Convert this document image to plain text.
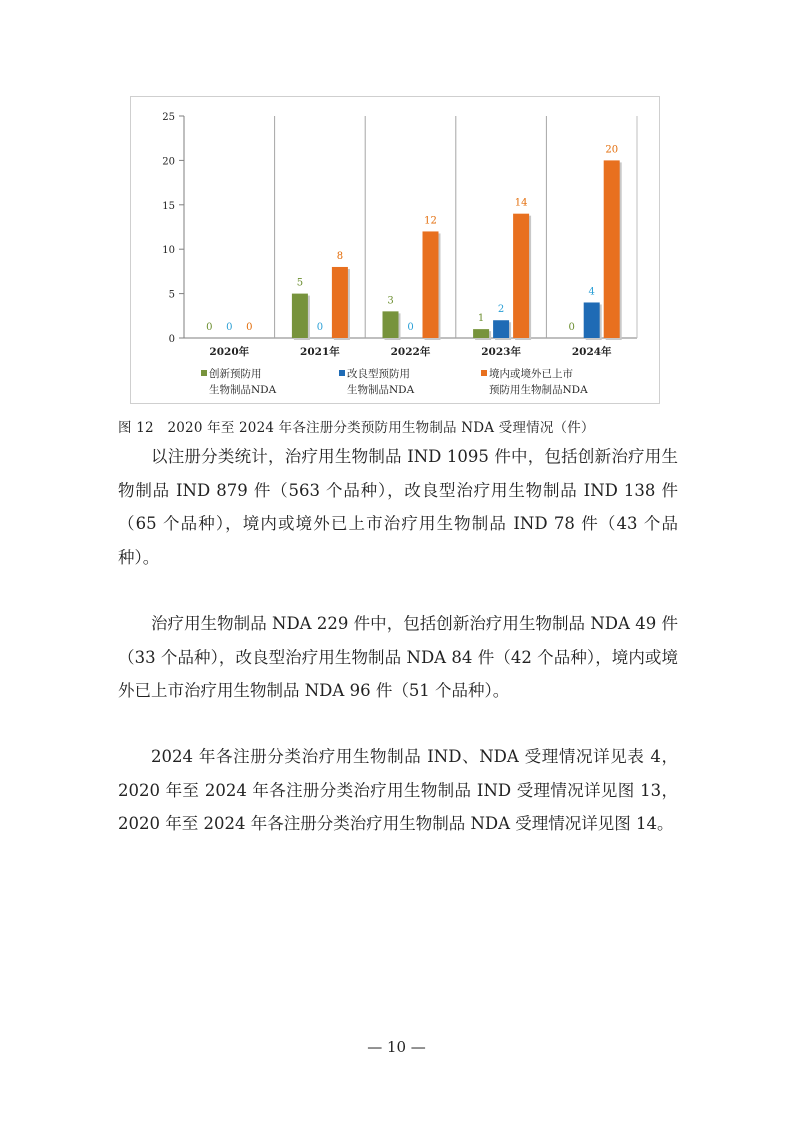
0
5
10
15
20
25
0 0 0
2020年
5
0
8
2021年
3
0
12
2022年
1
2
14
2023年
0
4
20
2024年
创新预防用
生物制品NDA
改良型预防用
生物制品NDA
境内或境外已上市
预防用生物制品NDA
图 12　2020 年至 2024 年各注册分类预防用生物制品 NDA 受理情况（件）

以注册分类统计，治疗用生物制品 IND 1095 件中，包括创新治疗用生物制品 IND 879 件（563 个品种），改良型治疗用生物制品 IND 138 件（65 个品种），境内或境外已上市治疗用生物制品 IND 78 件（43 个品种）。

治疗用生物制品 NDA 229 件中，包括创新治疗用生物制品 NDA 49 件（33 个品种），改良型治疗用生物制品 NDA 84 件（42 个品种），境内或境外已上市治疗用生物制品 NDA 96 件（51 个品种）。

2024 年各注册分类治疗用生物制品 IND、NDA 受理情况详见表 4，2020 年至 2024 年各注册分类治疗用生物制品 IND 受理情况详见图 13，2020 年至 2024 年各注册分类治疗用生物制品 NDA 受理情况详见图 14。

— 10 —
